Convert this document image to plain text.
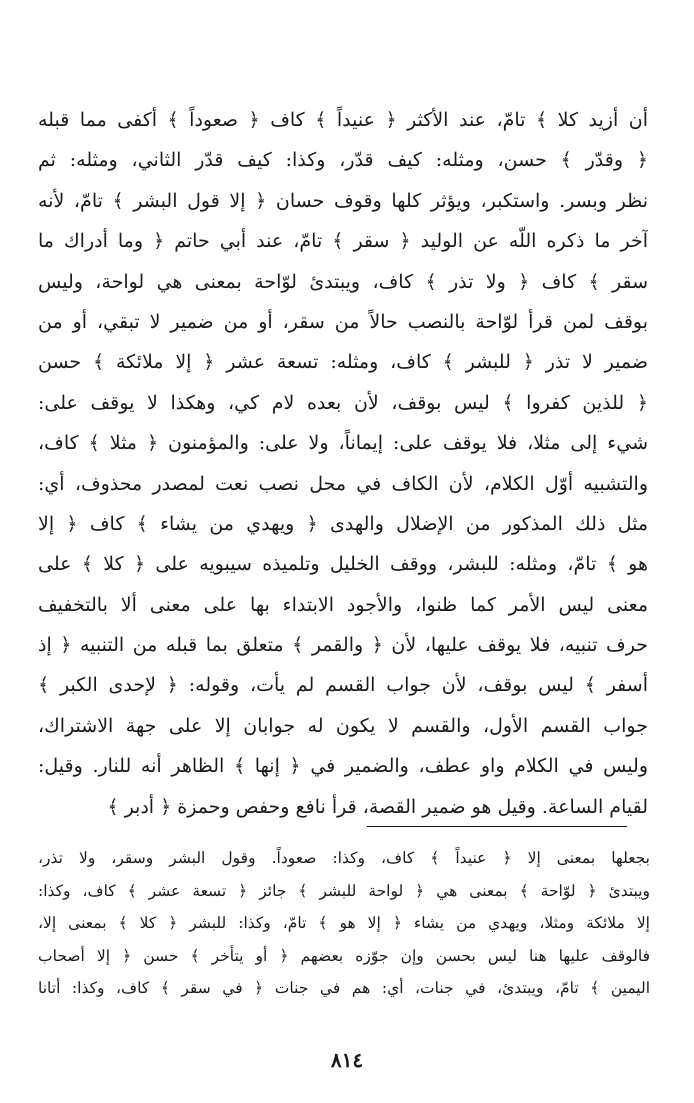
أن أزيد كلا ﴾ تامّ، عند الأكثر ﴿ عنيداً ﴾ كاف ﴿ صعوداً ﴾ أكفى مما قبله
﴿ وقدّر ﴾ حسن، ومثله: كيف قدّر، وكذا: كيف قدّر الثاني، ومثله: ثم
نظر وبسر. واستكبر، ويؤثر كلها وقوف حسان ﴿ إلا قول البشر ﴾ تامّ، لأنه
آخر ما ذكره اللّه عن الوليد ﴿ سقر ﴾ تامّ، عند أبي حاتم ﴿ وما أدراك ما
سقر ﴾ كاف ﴿ ولا تذر ﴾ كاف، ويبتدئ لوّاحة بمعنى هي لواحة، وليس
بوقف لمن قرأ لوّاحة بالنصب حالاً من سقر، أو من ضمير لا تبقي، أو من
ضمير لا تذر ﴿ للبشر ﴾ كاف، ومثله: تسعة عشر ﴿ إلا ملائكة ﴾ حسن
﴿ للذين كفروا ﴾ ليس بوقف، لأن بعده لام كي، وهكذا لا يوقف على:
شيء إلى مثلا، فلا يوقف على: إيماناً، ولا على: والمؤمنون ﴿ مثلا ﴾ كاف،
والتشبيه أوّل الكلام، لأن الكاف في محل نصب نعت لمصدر محذوف، أي:
مثل ذلك المذكور من الإضلال والهدى ﴿ ويهدي من يشاء ﴾ كاف ﴿ إلا
هو ﴾ تامّ، ومثله: للبشر، ووقف الخليل وتلميذه سيبويه على ﴿ كلا ﴾ على
معنى ليس الأمر كما ظنوا، والأجود الابتداء بها على معنى ألا بالتخفيف
حرف تنبيه، فلا يوقف عليها، لأن ﴿ والقمر ﴾ متعلق بما قبله من التنبيه ﴿ إذ
أسفر ﴾ ليس بوقف، لأن جواب القسم لم يأت، وقوله: ﴿ لإحدى الكبر ﴾
جواب القسم الأول، والقسم لا يكون له جوابان إلا على جهة الاشتراك،
وليس في الكلام واو عطف، والضمير في ﴿ إنها ﴾ الظاهر أنه للنار. وقيل:
لقيام الساعة. وقيل هو ضمير القصة، قرأ نافع وحفص وحمزة ﴿ أدبر ﴾
بجعلها بمعنى إلا ﴿ عنيداً ﴾ كاف، وكذا: صعوداً. وقول البشر وسقر، ولا تذر،
ويبتدئ ﴿ لوّاحة ﴾ بمعنى هي ﴿ لواحة للبشر ﴾ جائز ﴿ تسعة عشر ﴾ كاف، وكذا:
إلا ملائكة ومثلا، ويهدي من يشاء ﴿ إلا هو ﴾ تامّ، وكذا: للبشر ﴿ كلا ﴾ بمعنى إلا،
فالوقف عليها هنا ليس بحسن وإن جوّزه بعضهم ﴿ أو يتأخر ﴾ حسن ﴿ إلا أصحاب
اليمين ﴾ تامّ، ويبتدئ، في جنات، أي: هم في جنات ﴿ في سقر ﴾ كاف، وكذا: أتانا
٨١٤
